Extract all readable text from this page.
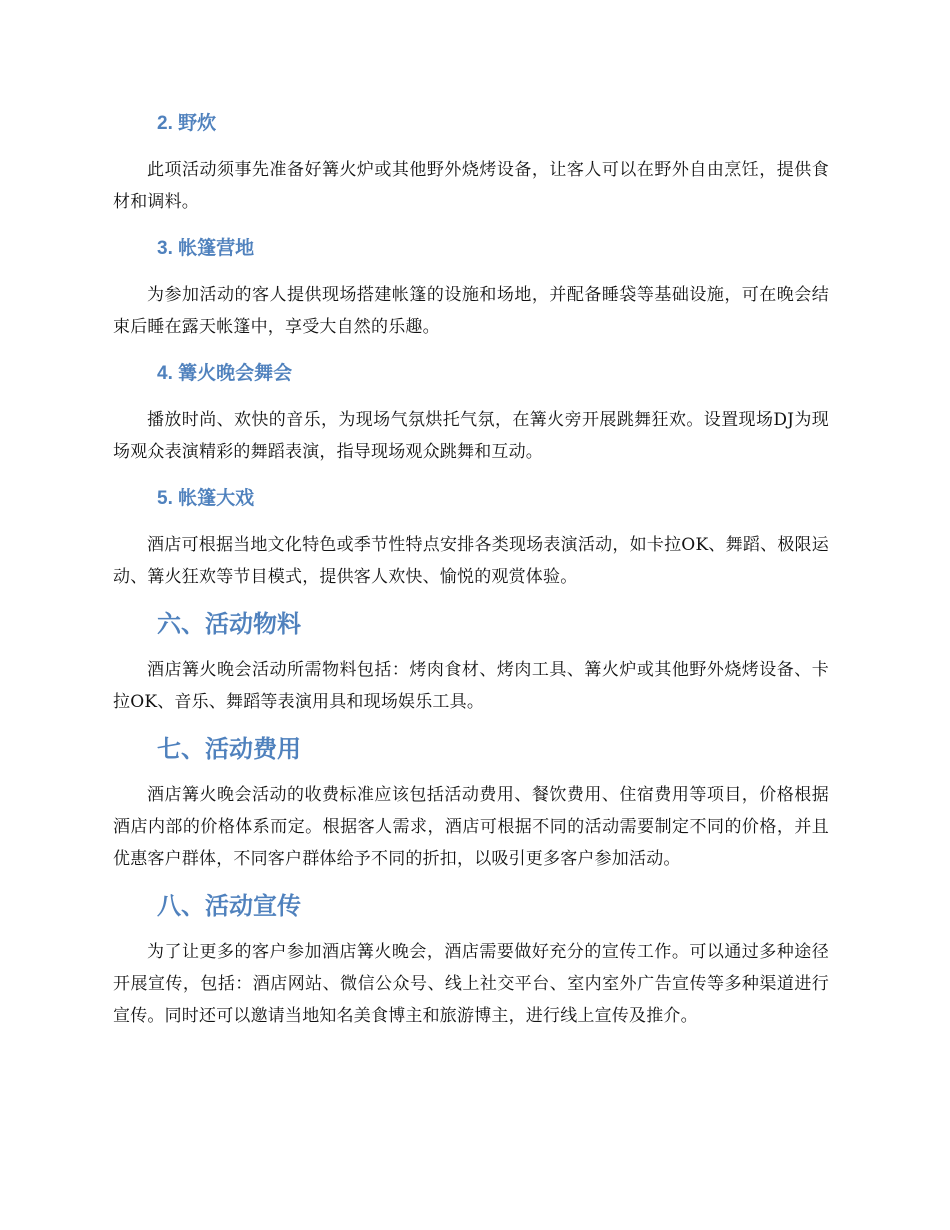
2. 野炊

此项活动须事先准备好篝火炉或其他野外烧烤设备，让客人可以在野外自由烹饪，提供食材和调料。

3. 帐篷营地

为参加活动的客人提供现场搭建帐篷的设施和场地，并配备睡袋等基础设施，可在晚会结束后睡在露天帐篷中，享受大自然的乐趣。

4. 篝火晚会舞会

播放时尚、欢快的音乐，为现场气氛烘托气氛，在篝火旁开展跳舞狂欢。设置现场DJ为现场观众表演精彩的舞蹈表演，指导现场观众跳舞和互动。

5. 帐篷大戏

酒店可根据当地文化特色或季节性特点安排各类现场表演活动，如卡拉OK、舞蹈、极限运动、篝火狂欢等节目模式，提供客人欢快、愉悦的观赏体验。

六、活动物料

酒店篝火晚会活动所需物料包括：烤肉食材、烤肉工具、篝火炉或其他野外烧烤设备、卡拉OK、音乐、舞蹈等表演用具和现场娱乐工具。

七、活动费用

酒店篝火晚会活动的收费标准应该包括活动费用、餐饮费用、住宿费用等项目，价格根据酒店内部的价格体系而定。根据客人需求，酒店可根据不同的活动需要制定不同的价格，并且优惠客户群体，不同客户群体给予不同的折扣，以吸引更多客户参加活动。

八、活动宣传

为了让更多的客户参加酒店篝火晚会，酒店需要做好充分的宣传工作。可以通过多种途径开展宣传，包括：酒店网站、微信公众号、线上社交平台、室内室外广告宣传等多种渠道进行宣传。同时还可以邀请当地知名美食博主和旅游博主，进行线上宣传及推介。
